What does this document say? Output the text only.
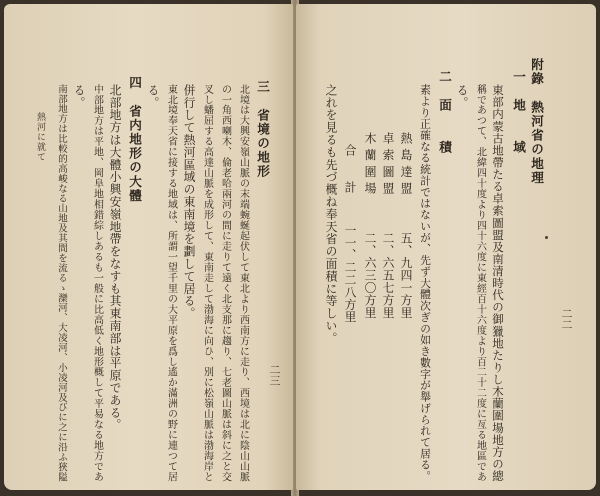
二二
附錄　熱河省の地理
一　地　　域
東部内蒙古地帶たる卓索圖盟及南清時代の御獵地たりし木蘭圍場地方の總
稱であつて、北緯四十度より四十六度に東經百十六度より百二十二度に亙る地區であ
る。
二　面　　積
素より正確なる統計ではないが、先ず大體次ぎの如き數字が舉げられて居る。
熱 島 達 盟
五、九四一方里
卓 索 圖 盟
二、六五七方里
木 蘭 圍 場
二、六三〇方里
合　　計
一一、二二八方里
之れを見るも先づ概ね奉天省の面積に等しい。
二三
三　省境の地形
北境は大興安嶺山脈の末端蜿蜒起伏して東北より西南方に走り、西境は北に陰山山脈
の一角西喇木、倫老哈兩河の間に走りて遠く北支那に趨り、七老圖山脈は斜に之と交
叉し蟠屈する高達山脈を成形して、東南走して渤海に向ひ、別に松嶺山脈は渤海岸と
併行して熱河區域の東南境を劃して居る。
東北境奉天省に接する地域は、所謂一望千里の大平原を爲し遙か滿洲の野に連つて居
る。
四　省内地形の大體
北部地方は大體小興安嶺地帶をなすも其東南部は平原である。
中部地方は平地、岡阜地相錯綜しあるも一般に比高低く地形概して平易なる地方であ
る。
南部地方は比較的高峻なる山地及其間を流るゝ灤河、大凌河、小凌河及びに之に沿ふ狹隘
熱河に就て
